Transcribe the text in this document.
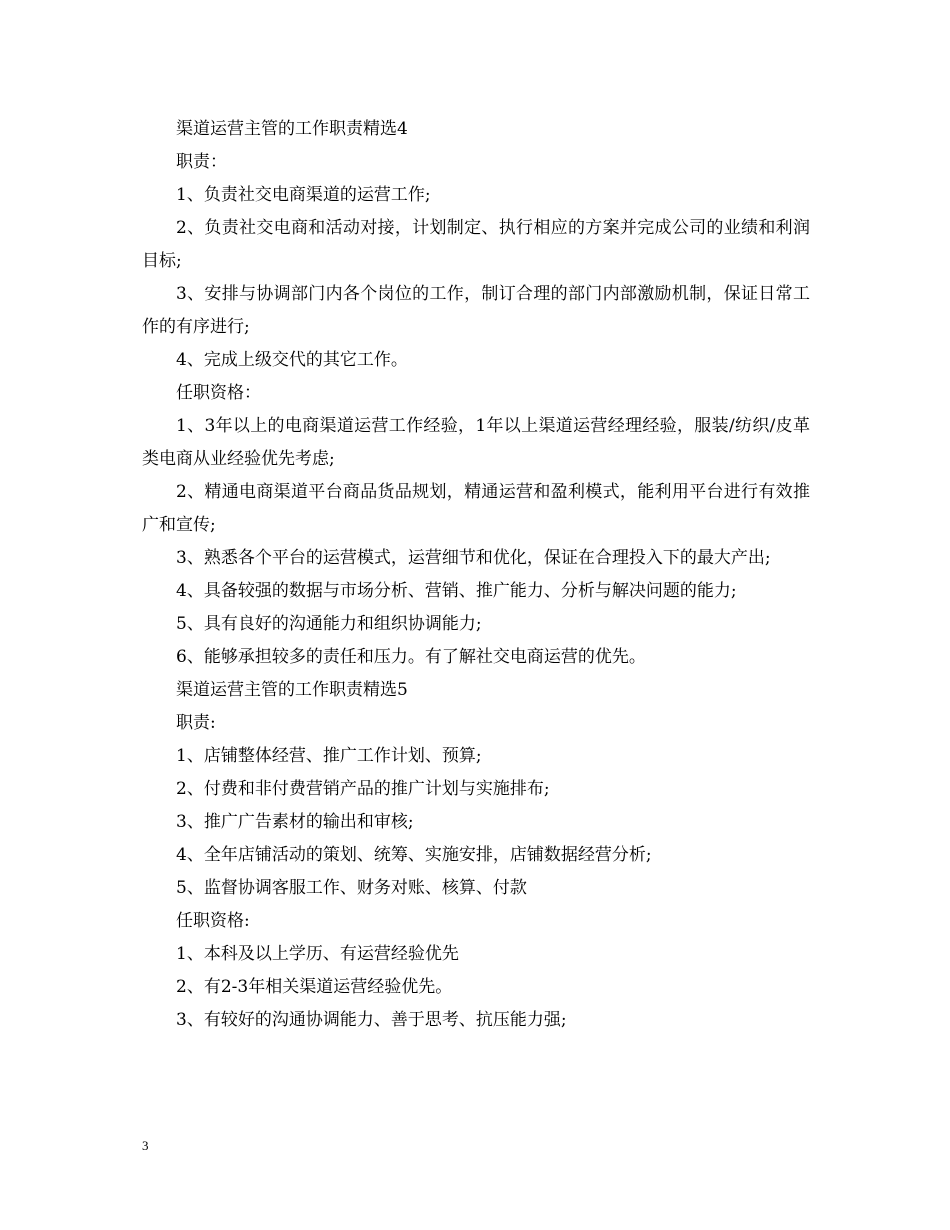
渠道运营主管的工作职责精选4
职责：
1、负责社交电商渠道的运营工作;
2、负责社交电商和活动对接，计划制定、执行相应的方案并完成公司的业绩和利润目标;
3、安排与协调部门内各个岗位的工作，制订合理的部门内部激励机制，保证日常工作的有序进行;
4、完成上级交代的其它工作。
任职资格：
1、3年以上的电商渠道运营工作经验，1年以上渠道运营经理经验，服装/纺织/皮革类电商从业经验优先考虑;
2、精通电商渠道平台商品货品规划，精通运营和盈利模式，能利用平台进行有效推广和宣传;
3、熟悉各个平台的运营模式，运营细节和优化，保证在合理投入下的最大产出;
4、具备较强的数据与市场分析、营销、推广能力、分析与解决问题的能力;
5、具有良好的沟通能力和组织协调能力;
6、能够承担较多的责任和压力。有了解社交电商运营的优先。
渠道运营主管的工作职责精选5
职责:
1、店铺整体经营、推广工作计划、预算;
2、付费和非付费营销产品的推广计划与实施排布;
3、推广广告素材的输出和审核;
4、全年店铺活动的策划、统筹、实施安排，店铺数据经营分析;
5、监督协调客服工作、财务对账、核算、付款
任职资格:
1、本科及以上学历、有运营经验优先
2、有2-3年相关渠道运营经验优先。
3、有较好的沟通协调能力、善于思考、抗压能力强;
3
